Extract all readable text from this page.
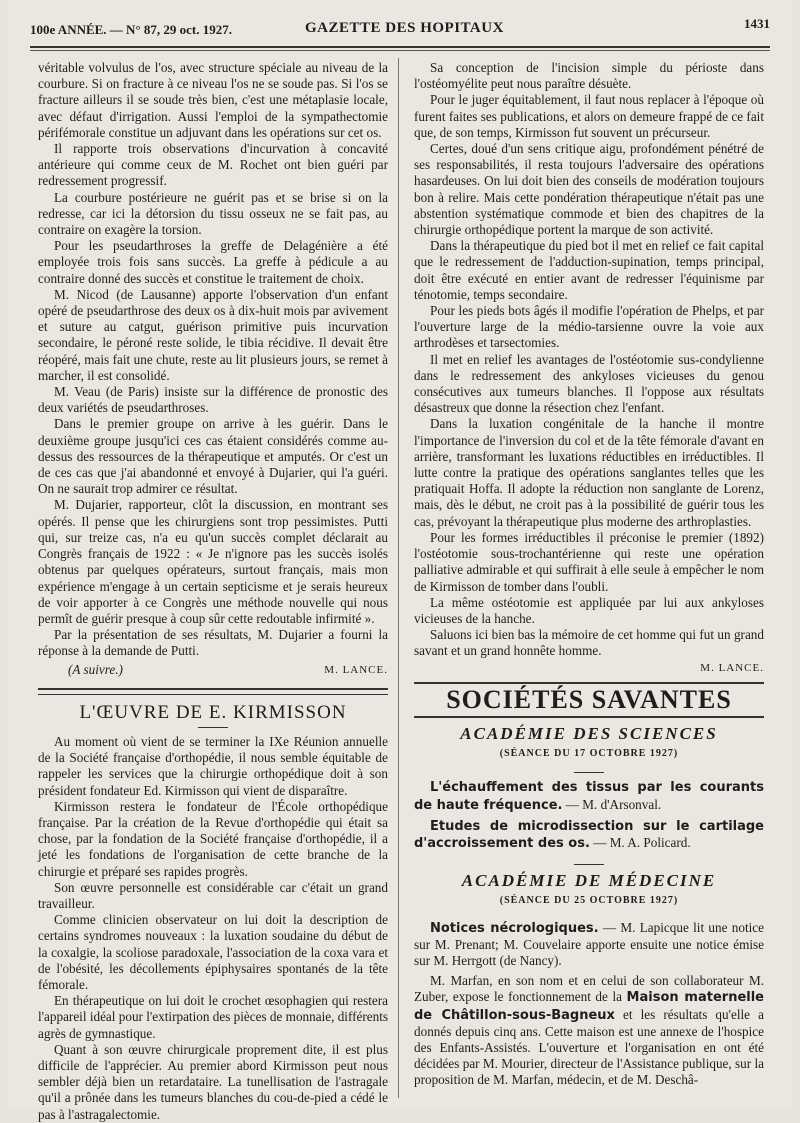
100e ANNÉE. — N° 87, 29 oct. 1927.	GAZETTE DES HOPITAUX	1431

véritable volvulus de l'os, avec structure spéciale au niveau de la courbure. Si on fracture à ce niveau l'os ne se soude pas. Si l'os se fracture ailleurs il se soude très bien, c'est une métaplasie locale, avec défaut d'irrigation. Aussi l'emploi de la sympathectomie périfémorale constitue un adjuvant dans les opérations sur cet os.

Il rapporte trois observations d'incurvation à concavité antérieure qui comme ceux de M. Rochet ont bien guéri par redressement progressif.

La courbure postérieure ne guérit pas et se brise si on la redresse, car ici la détorsion du tissu osseux ne se fait pas, au contraire on exagère la torsion.

Pour les pseudarthroses la greffe de Delagénière a été employée trois fois sans succès. La greffe à pédicule a au contraire donné des succès et constitue le traitement de choix.

M. Nicod (de Lausanne) apporte l'observation d'un enfant opéré de pseudarthrose des deux os à dix-huit mois par avivement et suture au catgut, guérison primitive puis incurvation secondaire, le péroné reste solide, le tibia récidive. Il devait être réopéré, mais fait une chute, reste au lit plusieurs jours, se remet à marcher, il est consolidé.

M. Veau (de Paris) insiste sur la différence de pronostic des deux variétés de pseudarthroses.

Dans le premier groupe on arrive à les guérir. Dans le deuxième groupe jusqu'ici ces cas étaient considérés comme au-dessus des ressources de la thérapeutique et amputés. Or c'est un de ces cas que j'ai abandonné et envoyé à Dujarier, qui l'a guéri. On ne saurait trop admirer ce résultat.

M. Dujarier, rapporteur, clôt la discussion, en montrant ses opérés. Il pense que les chirurgiens sont trop pessimistes. Putti qui, sur treize cas, n'a eu qu'un succès complet déclarait au Congrès français de 1922 : « Je n'ignore pas les succès isolés obtenus par quelques opérateurs, surtout français, mais mon expérience m'engage à un certain septicisme et je serais heureux de voir apporter à ce Congrès une méthode nouvelle qui nous permît de guérir presque à coup sûr cette redoutable infirmité ».

Par la présentation de ses résultats, M. Dujarier a fourni la réponse à la demande de Putti.

(A suivre.)	M. LANCE.

L'ŒUVRE DE E. KIRMISSON

Au moment où vient de se terminer la IXe Réunion annuelle de la Société française d'orthopédie, il nous semble équitable de rappeler les services que la chirurgie orthopédique doit à son président fondateur Ed. Kirmisson qui vient de disparaître.

Kirmisson restera le fondateur de l'École orthopédique française. Par la création de la Revue d'orthopédie qui était sa chose, par la fondation de la Société française d'orthopédie, il a jeté les fondations de l'organisation de cette branche de la chirurgie et préparé ses rapides progrès.

Son œuvre personnelle est considérable car c'était un grand travailleur.

Comme clinicien observateur on lui doit la description de certains syndromes nouveaux : la luxation soudaine du début de la coxalgie, la scoliose paradoxale, l'association de la coxa vara et de l'obésité, les décollements épiphysaires spontanés de la tête fémorale.

En thérapeutique on lui doit le crochet œsophagien qui restera l'appareil idéal pour l'extirpation des pièces de monnaie, différents agrès de gymnastique.

Quant à son œuvre chirurgicale proprement dite, il est plus difficile de l'apprécier. Au premier abord Kirmisson peut nous sembler déjà bien un retardataire. La tunellisation de l'astragale qu'il a prônée dans les tumeurs blanches du cou-de-pied a cédé le pas à l'astragalectomie.

Sa conception de l'incision simple du périoste dans l'ostéomyélite peut nous paraître désuète.

Pour le juger équitablement, il faut nous replacer à l'époque où furent faites ses publications, et alors on demeure frappé de ce fait que, de son temps, Kirmisson fut souvent un précurseur.

Certes, doué d'un sens critique aigu, profondément pénétré de ses responsabilités, il resta toujours l'adversaire des opérations hasardeuses. On lui doit bien des conseils de modération toujours bon à relire. Mais cette pondération thérapeutique n'était pas une abstention systématique commode et bien des chapitres de la chirurgie orthopédique portent la marque de son activité.

Dans la thérapeutique du pied bot il met en relief ce fait capital que le redressement de l'adduction-supination, temps principal, doit être exécuté en entier avant de redresser l'équinisme par ténotomie, temps secondaire.

Pour les pieds bots âgés il modifie l'opération de Phelps, et par l'ouverture large de la médio-tarsienne ouvre la voie aux arthrodèses et tarsectomies.

Il met en relief les avantages de l'ostéotomie sus-condylienne dans le redressement des ankyloses vicieuses du genou consécutives aux tumeurs blanches. Il l'oppose aux résultats désastreux que donne la résection chez l'enfant.

Dans la luxation congénitale de la hanche il montre l'importance de l'inversion du col et de la tête fémorale d'avant en arrière, transformant les luxations réductibles en irréductibles. Il lutte contre la pratique des opérations sanglantes telles que les pratiquait Hoffa. Il adopte la réduction non sanglante de Lorenz, mais, dès le début, ne croit pas à la possibilité de guérir tous les cas, prévoyant la thérapeutique plus moderne des arthroplasties.

Pour les formes irréductibles il préconise le premier (1892) l'ostéotomie sous-trochantérienne qui reste une opération palliative admirable et qui suffirait à elle seule à empêcher le nom de Kirmisson de tomber dans l'oubli.

La même ostéotomie est appliquée par lui aux ankyloses vicieuses de la hanche.

Saluons ici bien bas la mémoire de cet homme qui fut un grand savant et un grand honnête homme.

M. LANCE.
SOCIÉTÉS SAVANTES
ACADÉMIE DES SCIENCES
(SÉANCE DU 17 OCTOBRE 1927)

L'échauffement des tissus par les courants de haute fréquence. — M. d'Arsonval.

Etudes de microdissection sur le cartilage d'accroissement des os. — M. A. Policard.

ACADÉMIE DE MÉDECINE
(SÉANCE DU 25 OCTOBRE 1927)

Notices nécrologiques. — M. Lapicque lit une notice sur M. Prenant; M. Couvelaire apporte ensuite une notice émise sur M. Herrgott (de Nancy).

M. Marfan, en son nom et en celui de son collaborateur M. Zuber, expose le fonctionnement de la Maison maternelle de Châtillon-sous-Bagneux et les résultats qu'elle a donnés depuis cinq ans. Cette maison est une annexe de l'hospice des Enfants-Assistés. L'ouverture et l'organisation en ont été décidées par M. Mourier, directeur de l'Assistance publique, sur la proposition de M. Marfan, médecin, et de M. Deschâ-
